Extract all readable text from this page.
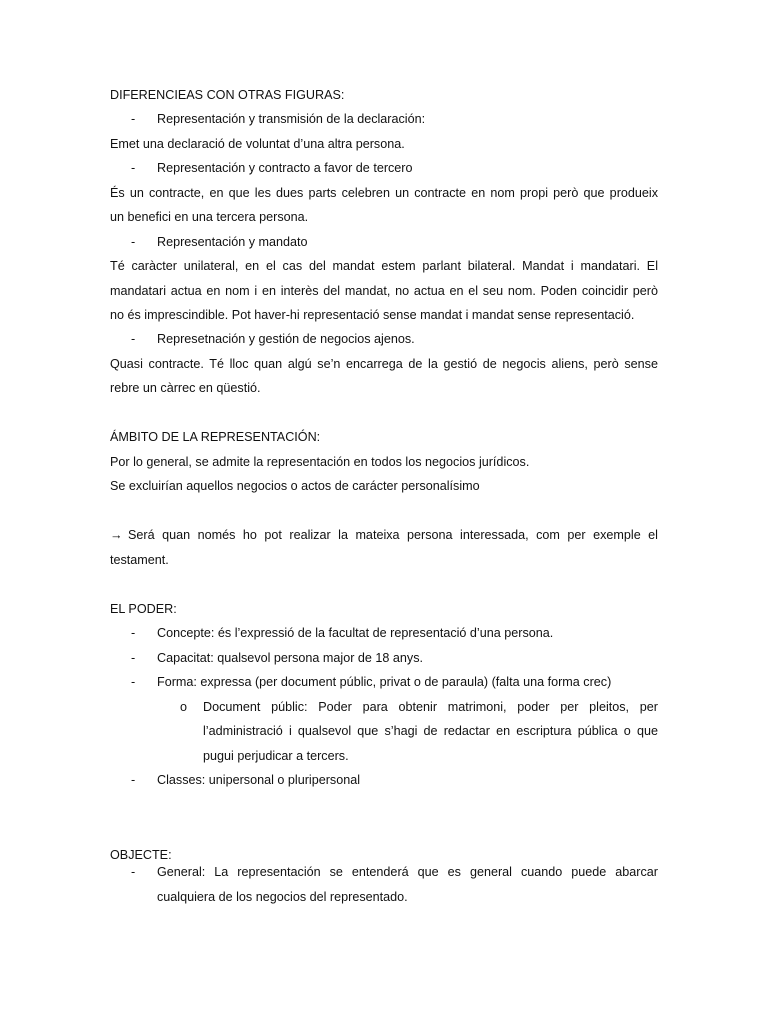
DIFERENCIEAS CON OTRAS FIGURAS:
- Representación y transmisión de la declaración:
Emet una declaració de voluntat d’una altra persona.
- Representación y contracto a favor de tercero
És un contracte, en que les dues parts celebren un contracte en nom propi però que produeix
un benefici en una tercera persona.
- Representación y mandato
Té caràcter unilateral, en el cas del mandat estem parlant bilateral. Mandat i mandatari. El
mandatari actua en nom i en interès del mandat, no actua en el seu nom. Poden coincidir però
no és imprescindible. Pot haver-hi representació sense mandat i mandat sense representació.
- Represetnación y gestión de negocios ajenos.
Quasi contracte. Té lloc quan algú se’n encarrega de la gestió de negocis aliens, però sense
rebre un càrrec en qüestió.
ÁMBITO DE LA REPRESENTACIÓN:
Por lo general, se admite la representación en todos los negocios jurídicos.
Se excluirían aquellos negocios o actos de carácter personalísimo
→ Será quan només ho pot realizar la mateixa persona interessada, com per exemple el
testament.
EL PODER:
- Concepte: és l’expressió de la facultat de representació d’una persona.
- Capacitat: qualsevol persona major de 18 anys.
- Forma: expressa (per document públic, privat o de paraula) (falta una forma crec)
o Document públic: Poder para obtenir matrimoni, poder per pleitos, per
l’administració i qualsevol que s’hagi de redactar en escriptura pública o que
pugui perjudicar a tercers.
- Classes: unipersonal o pluripersonal
OBJECTE:
- General: La representación se entenderá que es general cuando puede abarcar
cualquiera de los negocios del representado.
